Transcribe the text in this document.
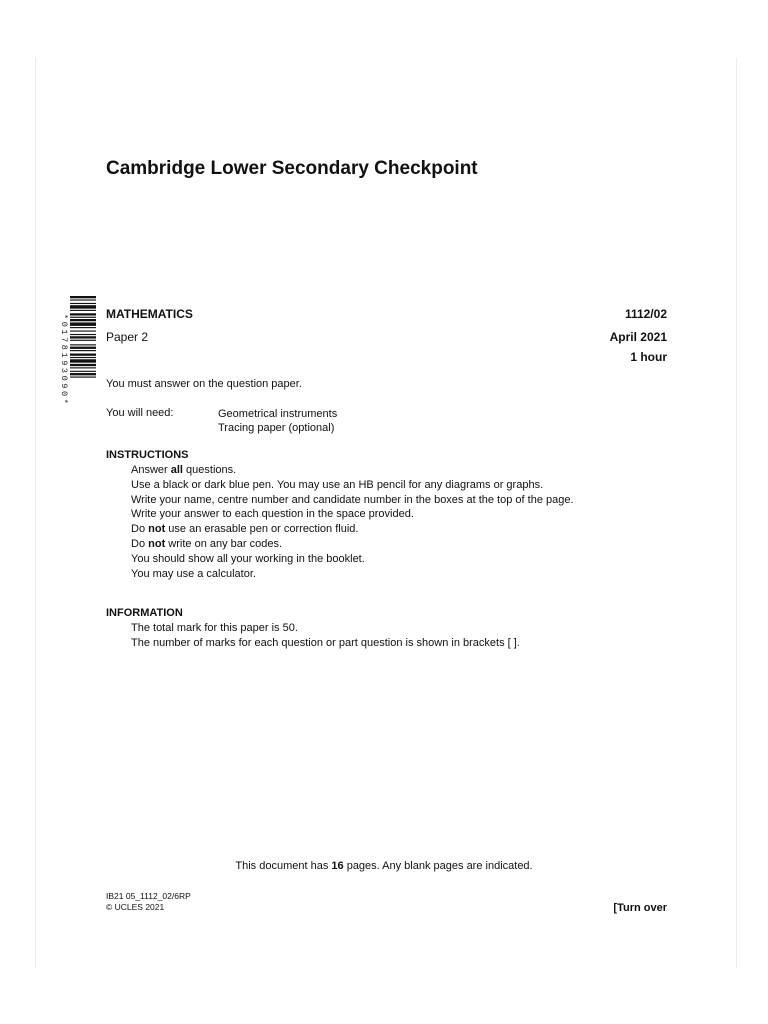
Cambridge Lower Secondary Checkpoint
*0178193090*	MATHEMATICS
Paper 2
1112/02
April 2021
1 hour
You must answer on the question paper.
You will need:	Geometrical instruments
Tracing paper (optional)
INSTRUCTIONS
Answer all questions.
Use a black or dark blue pen. You may use an HB pencil for any diagrams or graphs.
Write your name, centre number and candidate number in the boxes at the top of the page.
Write your answer to each question in the space provided.
Do not use an erasable pen or correction fluid.
Do not write on any bar codes.
You should show all your working in the booklet.
You may use a calculator.
INFORMATION
The total mark for this paper is 50.
The number of marks for each question or part question is shown in brackets [ ].
This document has 16 pages. Any blank pages are indicated.
IB21 05_1112_02/6RP
© UCLES 2021	[Turn over
